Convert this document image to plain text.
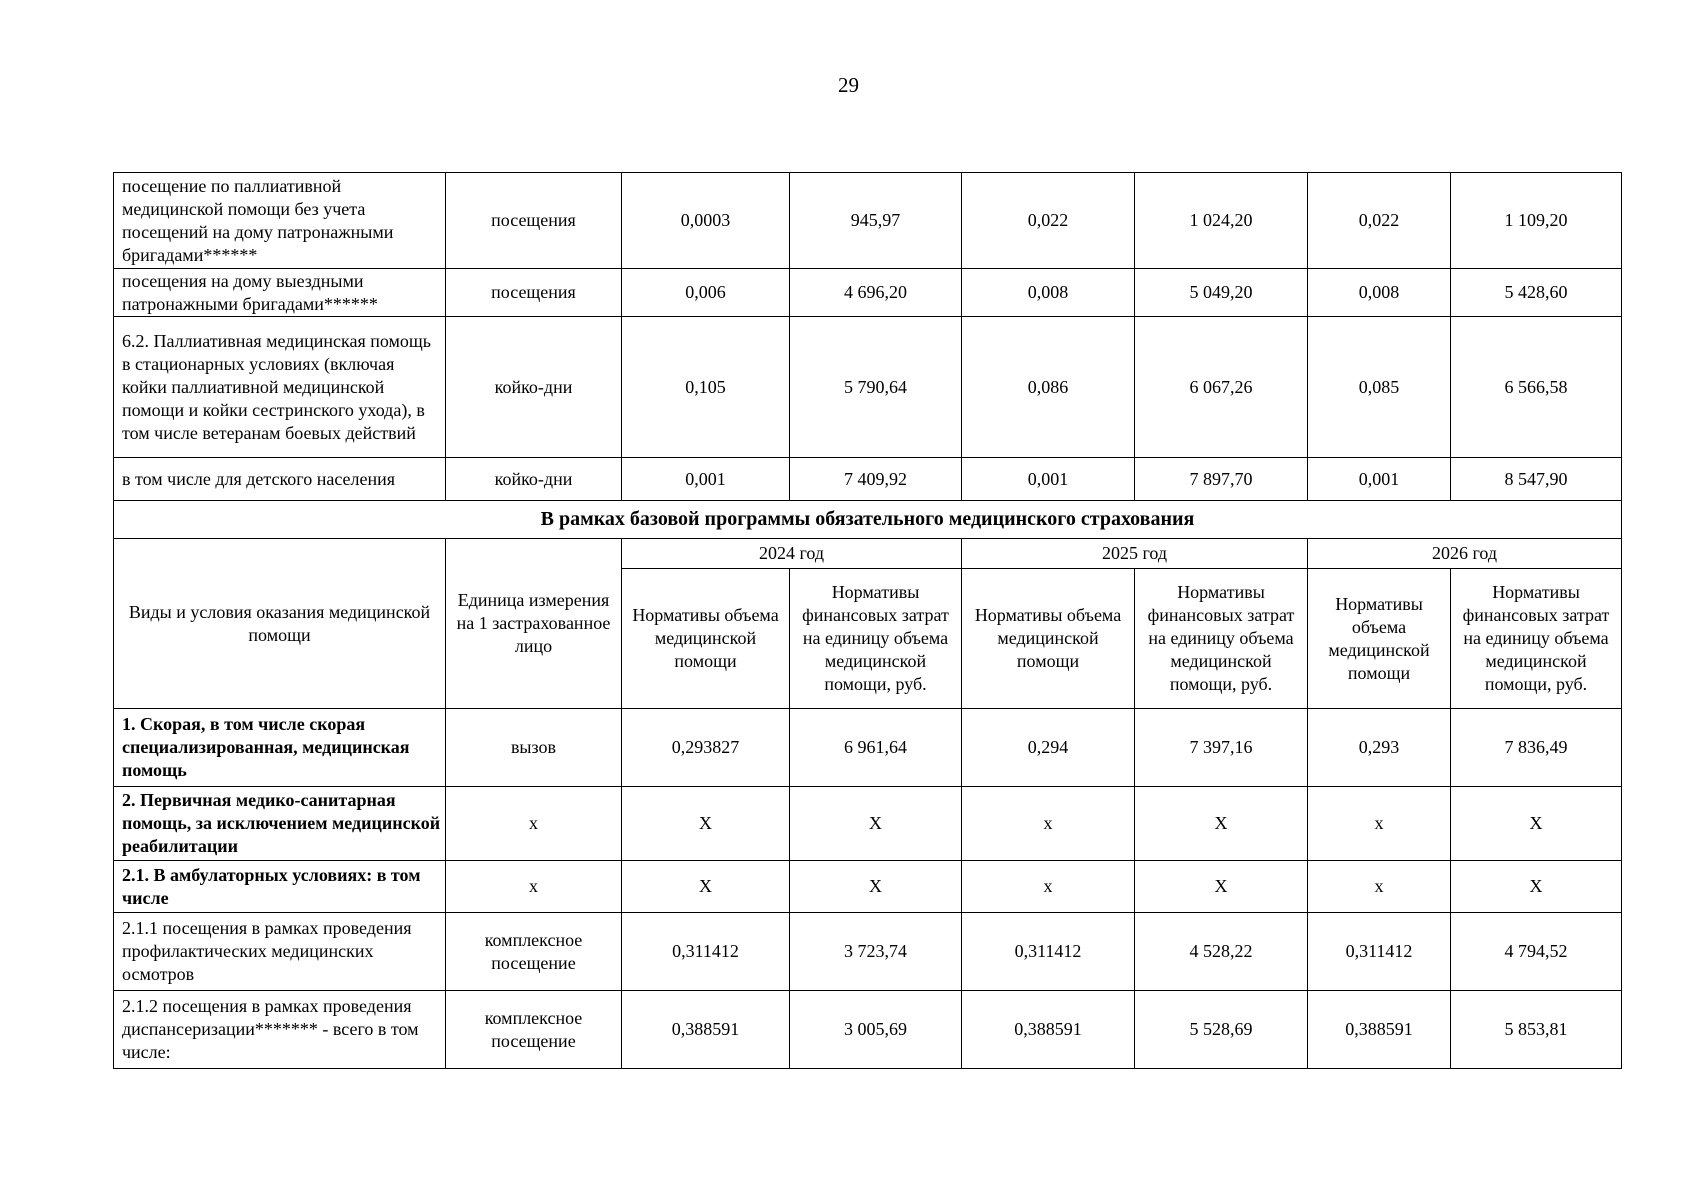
29
посещение по паллиативной медицинской помощи без учета посещений на дому патронажными бригадами******	посещения	0,0003	945,97	0,022	1 024,20	0,022	1 109,20
посещения на дому выездными патронажными бригадами******	посещения	0,006	4 696,20	0,008	5 049,20	0,008	5 428,60
6.2. Паллиативная медицинская помощь в стационарных условиях (включая койки паллиативной медицинской помощи и койки сестринского ухода), в том числе ветеранам боевых действий	койко-дни	0,105	5 790,64	0,086	6 067,26	0,085	6 566,58
в том числе для детского населения	койко-дни	0,001	7 409,92	0,001	7 897,70	0,001	8 547,90
В рамках базовой программы обязательного медицинского страхования							
Виды и условия оказания медицинской помощи	Единица измерения на 1 застрахованное лицо	2024 год		2025 год		2026 год	
		Нормативы объема медицинской помощи	Нормативы финансовых затрат на единицу объема медицинской помощи, руб.	Нормативы объема медицинской помощи	Нормативы финансовых затрат на единицу объема медицинской помощи, руб.	Нормативы объема медицинской помощи	Нормативы финансовых затрат на единицу объема медицинской помощи, руб.
1. Скорая, в том числе скорая специализированная, медицинская помощь	вызов	0,293827	6 961,64	0,294	7 397,16	0,293	7 836,49
2. Первичная медико-санитарная помощь, за исключением медицинской реабилитации	х	Х	Х	х	Х	х	Х
2.1. В амбулаторных условиях: в том числе	х	Х	Х	х	Х	х	Х
2.1.1 посещения в рамках проведения профилактических медицинских осмотров	комплексное посещение	0,311412	3 723,74	0,311412	4 528,22	0,311412	4 794,52
2.1.2 посещения в рамках проведения диспансеризации******* - всего в том числе:	комплексное посещение	0,388591	3 005,69	0,388591	5 528,69	0,388591	5 853,81
